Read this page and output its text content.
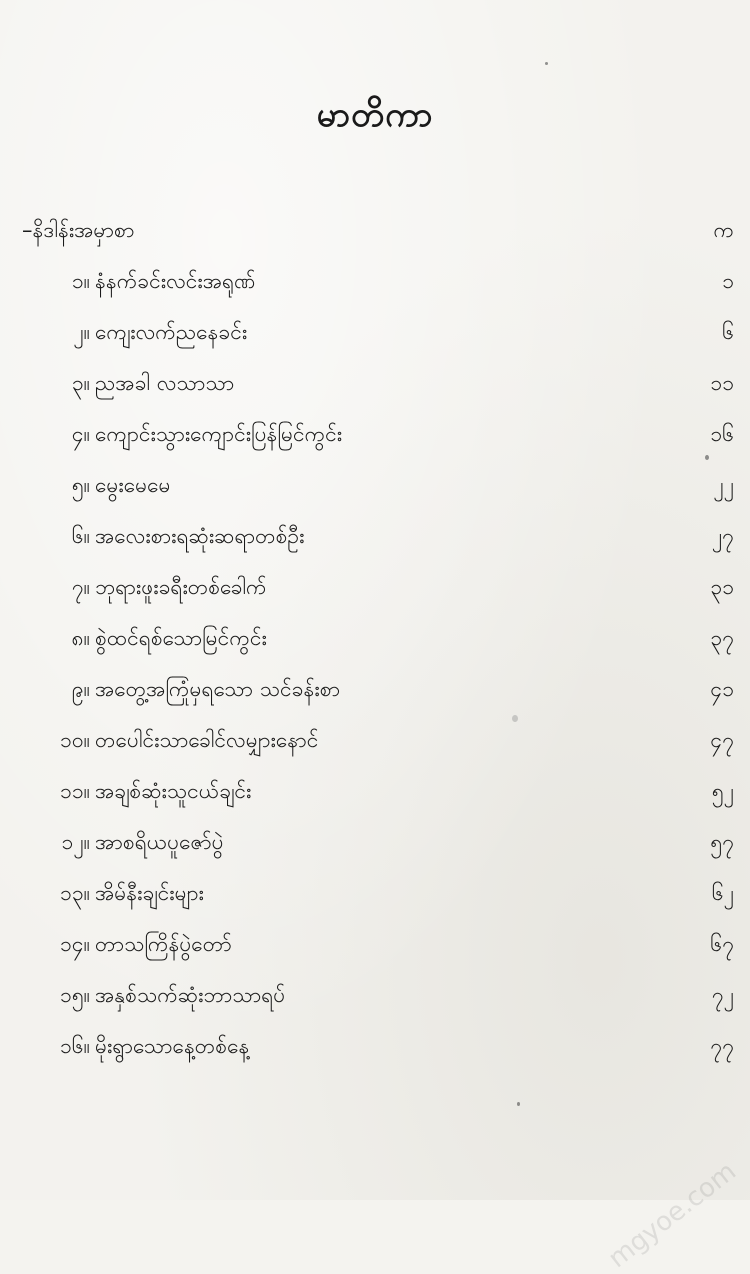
မာတိကာ
–နိဒါန်းအမှာစာ	က
၁။ နံနက်ခင်းလင်းအရုဏ်	၁
၂။ ကျေးလက်ညနေခင်း	၆
၃။ ညအခါ လသာသာ	၁၁
၄။ ကျောင်းသွားကျောင်းပြန်မြင်ကွင်း	၁၆
၅။ မွေးမေမေ	၂၂
၆။ အလေးစားရဆုံးဆရာတစ်ဦး	၂၇
၇။ ဘုရားဖူးခရီးတစ်ခေါက်	၃၁
၈။ စွဲထင်ရစ်သောမြင်ကွင်း	၃၇
၉။ အတွေ့အကြုံမှရသော သင်ခန်းစာ	၄၁
၁၀။ တပေါင်းသာခေါင်လမျှားနောင်	၄၇
၁၁။ အချစ်ဆုံးသူငယ်ချင်း	၅၂
၁၂။ အာစရိယပူဇော်ပွဲ	၅၇
၁၃။ အိမ်နီးချင်းများ	၆၂
၁၄။ တာသကြိန်ပွဲတော်	၆၇
၁၅။ အနှစ်သက်ဆုံးဘာသာရပ်	၇၂
၁၆။ မိုးရွာသောနေ့တစ်နေ့	၇၇
mgyoe.com
